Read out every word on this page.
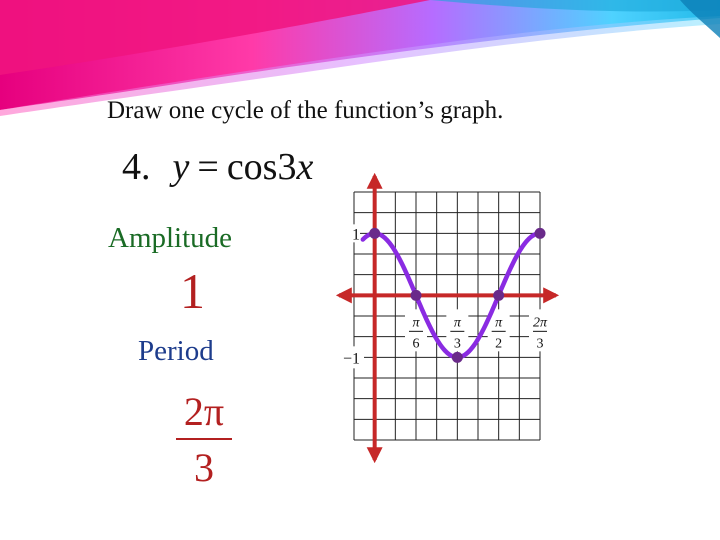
Draw one cycle of the function’s graph.
4. y = cos3x
Amplitude
1
Period
2π
3
1
−1
π
6
π
3
π
2
2π
3
